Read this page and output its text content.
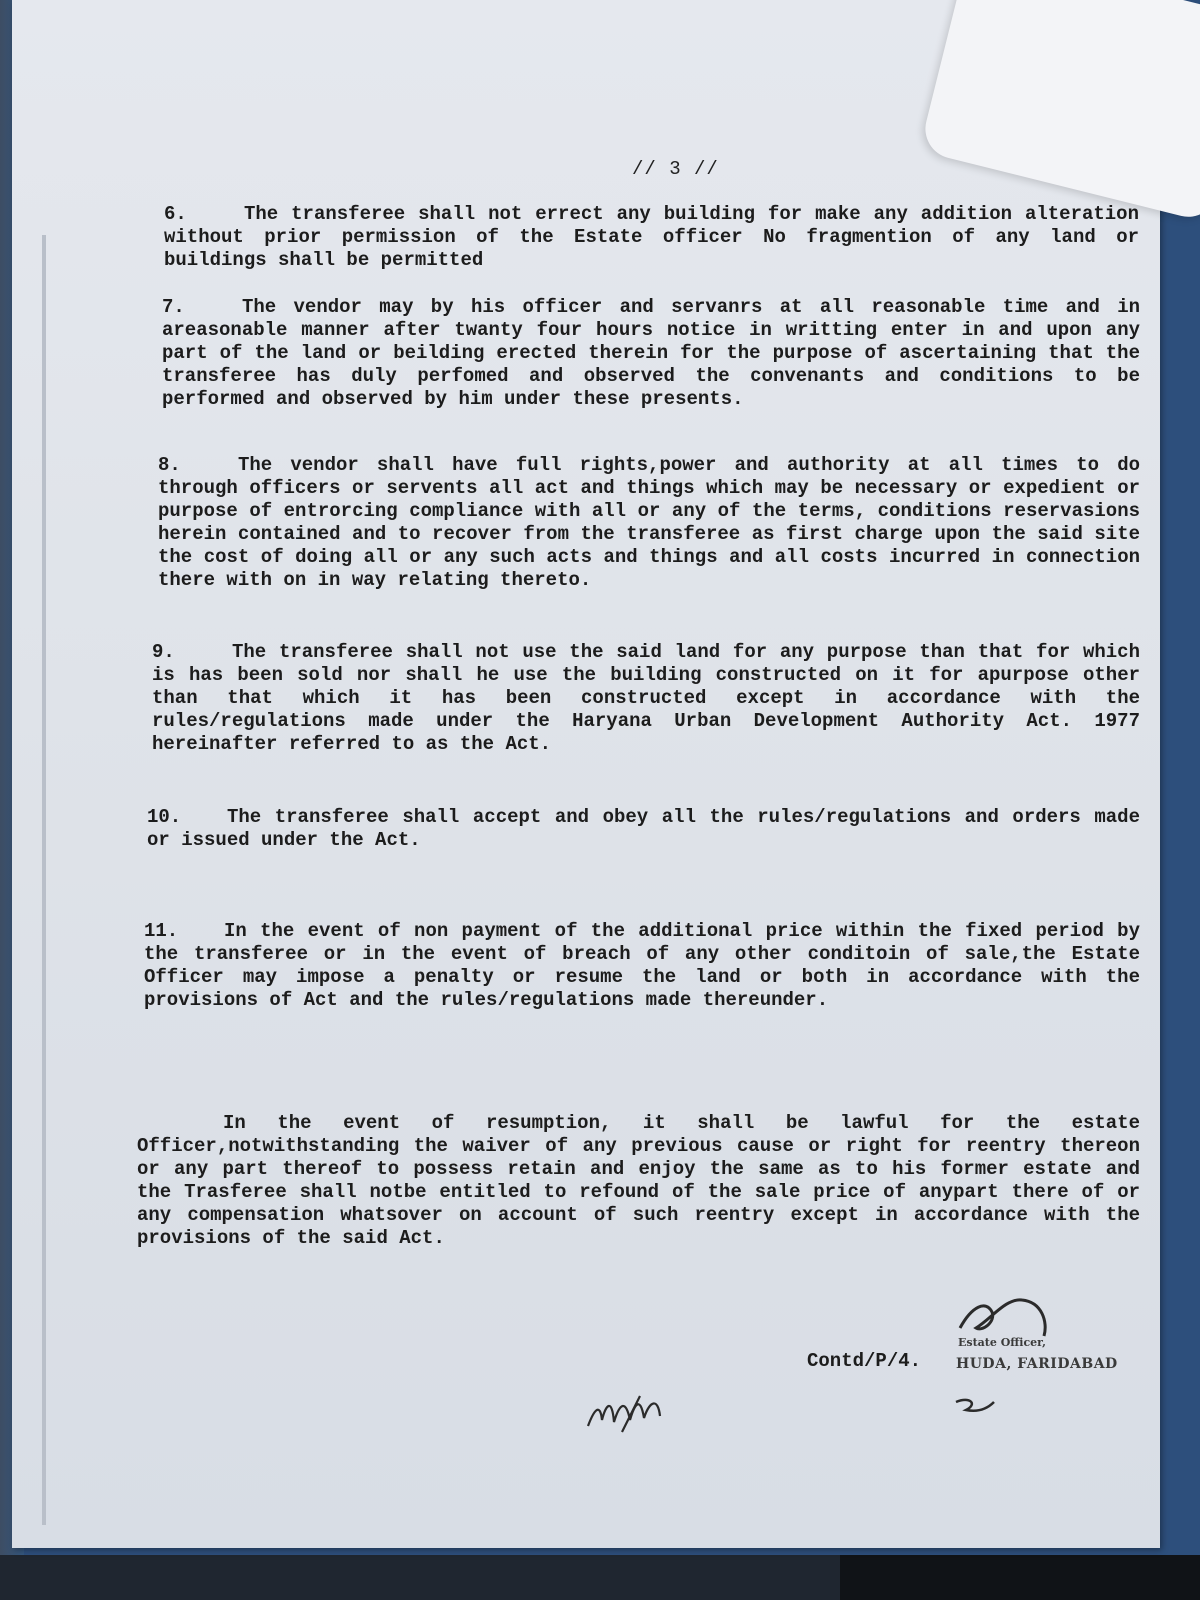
// 3 //
6.	The transferee shall not errect any building for make any addition alteration without prior permission of the Estate officer No fragmention of any land or buildings shall be permitted
7.	The vendor may by his officer and servanrs at all reasonable time and in areasonable manner after twanty four hours notice in writting enter in and upon any part of the land or beilding erected therein for the purpose of ascertaining that the transferee has duly perfomed and observed the convenants and conditions to be performed and observed by him under these presents.
8.	The vendor shall have full rights,power and authority at all times to do through officers or servents all act and things which may be necessary or expedient or purpose of entrorcing compliance with all or any of the terms, conditions reservasions herein contained and to recover from the transferee as first charge upon the said site the cost of doing all or any such acts and things and all costs incurred in connection there with on in way relating thereto.
9.	The transferee shall not use the said land for any purpose than that for which is has been sold nor shall he use the building constructed on it for apurpose other than that which it has been constructed except in accordance with the rules/regulations made under the Haryana Urban Development Authority Act. 1977 hereinafter referred to as the Act.
10. The transferee shall accept and obey all the rules/regulations and orders made or issued under the Act.
11. In the event of non payment of the additional price within the fixed period by the transferee or in the event of breach of any other conditoin of sale,the Estate Officer may impose a penalty or resume the land or both in accordance with the provisions of Act and the rules/regulations made thereunder.
In the event of resumption, it shall be lawful for the estate Officer,notwithstanding the waiver of any previous cause or right for reentry thereon or any part thereof to possess retain and enjoy the same as to his former estate and the Trasferee shall notbe entitled to refound of the sale price of anypart there of or any compensation whatsover on account of such reentry except in accordance with the provisions of the said Act.
Contd/P/4.
Estate Officer,
HUDA, FARIDABAD
